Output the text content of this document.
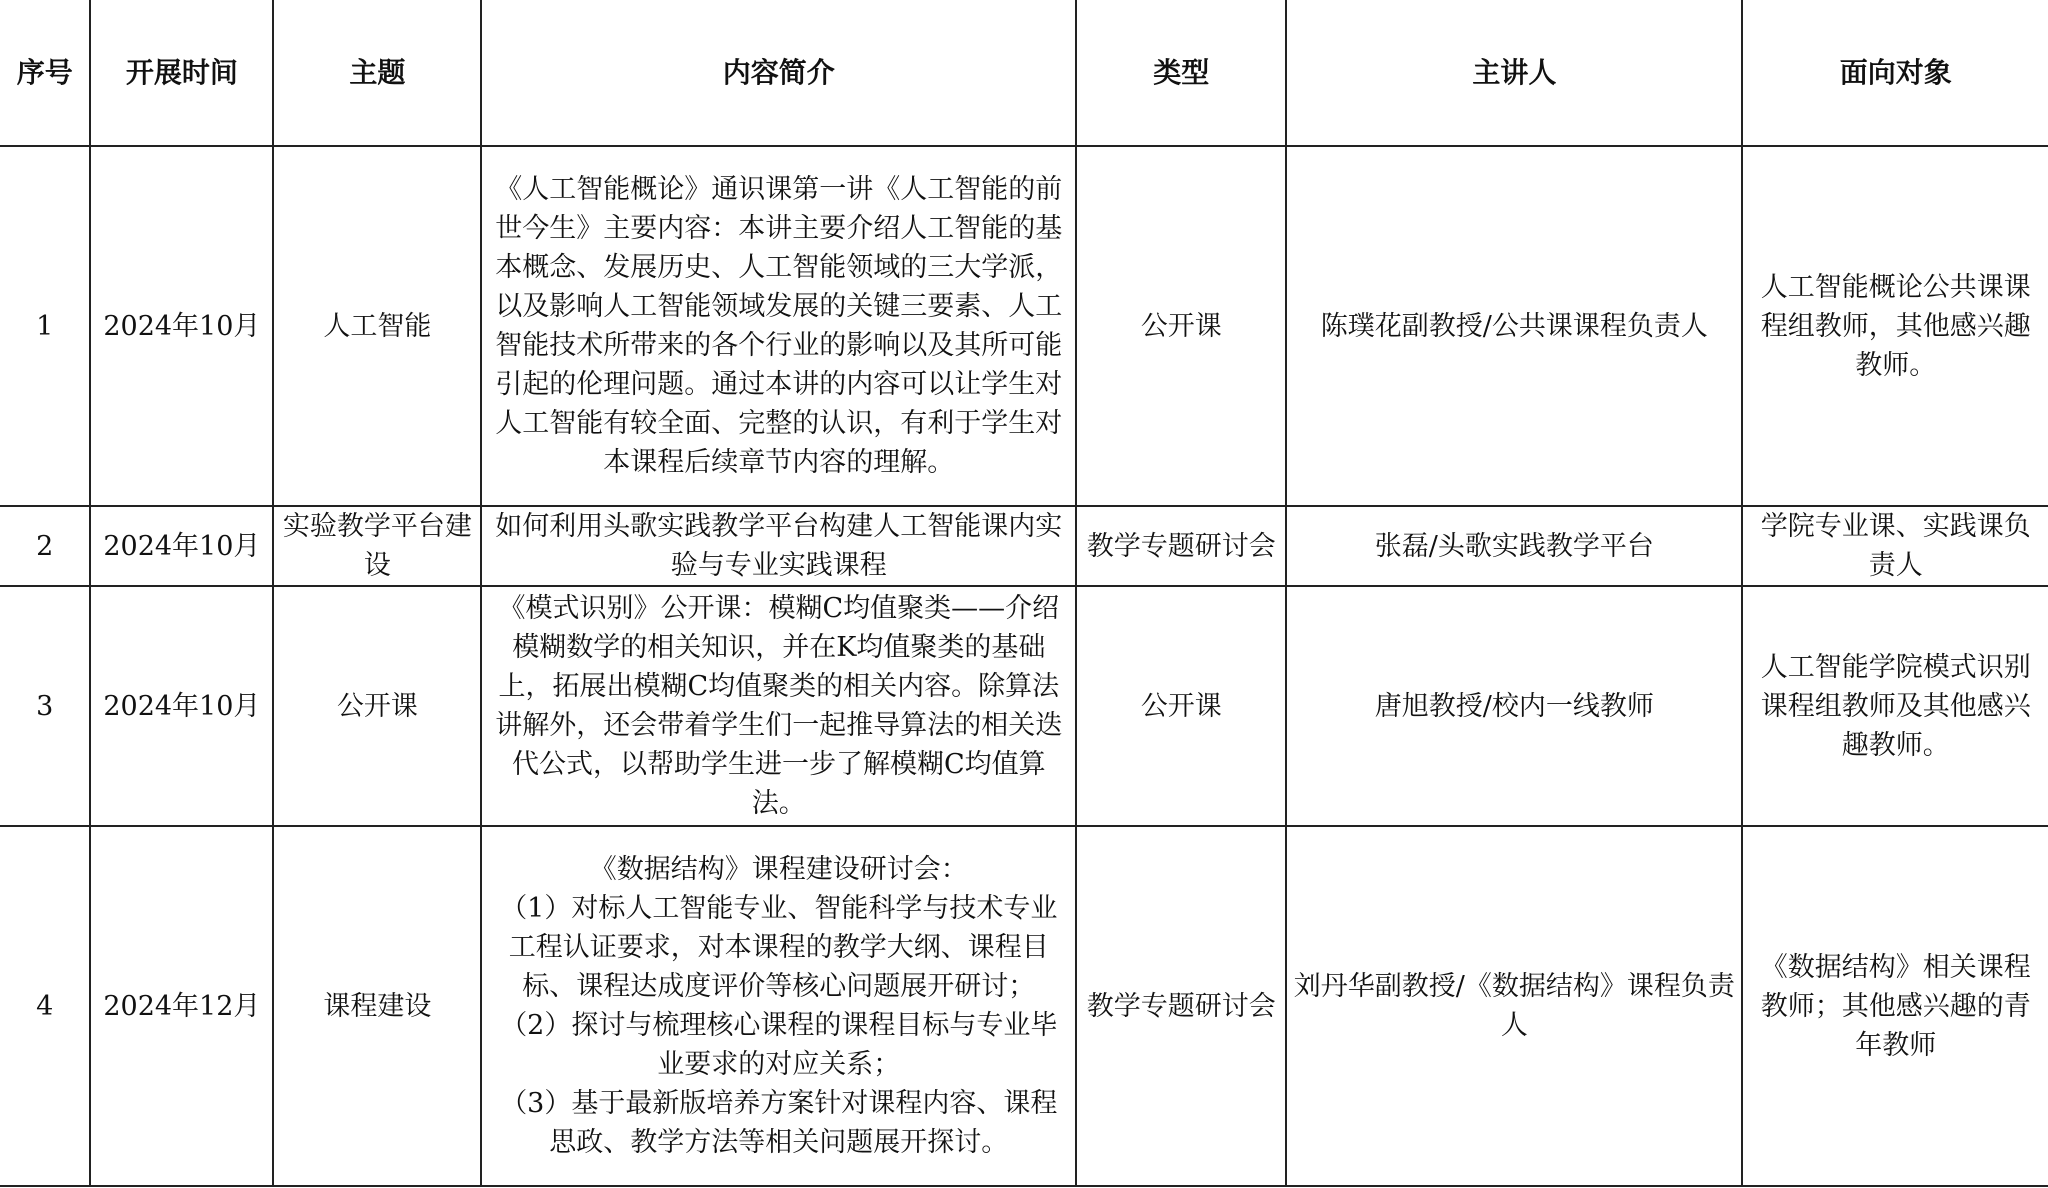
序号	开展时间	主题	内容简介	类型	主讲人	面向对象
1	2024年10月	人工智能	《人工智能概论》通识课第一讲《人工智能的前世今生》主要内容：本讲主要介绍人工智能的基本概念、发展历史、人工智能领域的三大学派，以及影响人工智能领域发展的关键三要素、人工智能技术所带来的各个行业的影响以及其所可能引起的伦理问题。通过本讲的内容可以让学生对人工智能有较全面、完整的认识，有利于学生对本课程后续章节内容的理解。	公开课	陈璞花副教授/公共课课程负责人	人工智能概论公共课课程组教师，其他感兴趣教师。
2	2024年10月	实验教学平台建设	如何利用头歌实践教学平台构建人工智能课内实验与专业实践课程	教学专题研讨会	张磊/头歌实践教学平台	学院专业课、实践课负责人
3	2024年10月	公开课	《模式识别》公开课：模糊C均值聚类——介绍模糊数学的相关知识，并在K均值聚类的基础上，拓展出模糊C均值聚类的相关内容。除算法讲解外，还会带着学生们一起推导算法的相关迭代公式，以帮助学生进一步了解模糊C均值算法。	公开课	唐旭教授/校内一线教师	人工智能学院模式识别课程组教师及其他感兴趣教师。
4	2024年12月	课程建设	《数据结构》课程建设研讨会：
（1）对标人工智能专业、智能科学与技术专业工程认证要求，对本课程的教学大纲、课程目标、课程达成度评价等核心问题展开研讨；
（2）探讨与梳理核心课程的课程目标与专业毕业要求的对应关系；
（3）基于最新版培养方案针对课程内容、课程思政、教学方法等相关问题展开探讨。	教学专题研讨会	刘丹华副教授/《数据结构》课程负责人	《数据结构》相关课程教师；其他感兴趣的青年教师
